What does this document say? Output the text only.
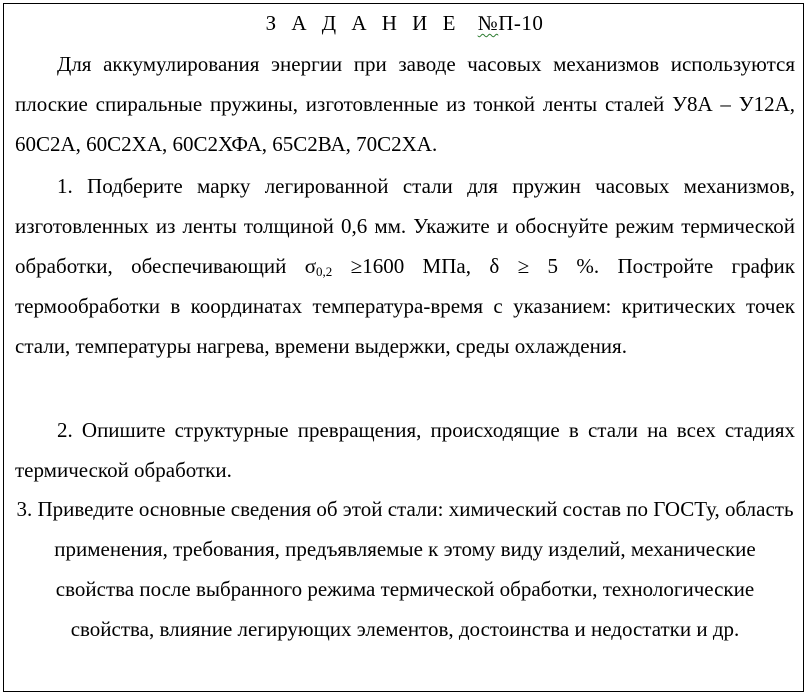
З А Д А Н И Е №П-10

Для аккумулирования энергии при заводе часовых механизмов используются плоские спиральные пружины, изготовленные из тонкой ленты сталей У8А – У12А, 60С2А, 60С2ХА, 60С2ХФА, 65С2ВА, 70С2ХА.

1. Подберите марку легированной стали для пружин часовых механизмов, изготовленных из ленты толщиной 0,6 мм. Укажите и обоснуйте режим термической обработки, обеспечивающий $\sigma_{0,2} \ge 1600$ МПа, δ ≥ 5 %. Постройте график термообработки в координатах температура-время с указанием: критических точек стали, температуры нагрева, времени выдержки, среды охлаждения.

2. Опишите структурные превращения, происходящие в стали на всех стадиях термической обработки.

3. Приведите основные сведения об этой стали: химический состав по ГОСТу, область применения, требования, предъявляемые к этому виду изделий, механические свойства после выбранного режима термической обработки, технологические свойства, влияние легирующих элементов, достоинства и недостатки и др.
